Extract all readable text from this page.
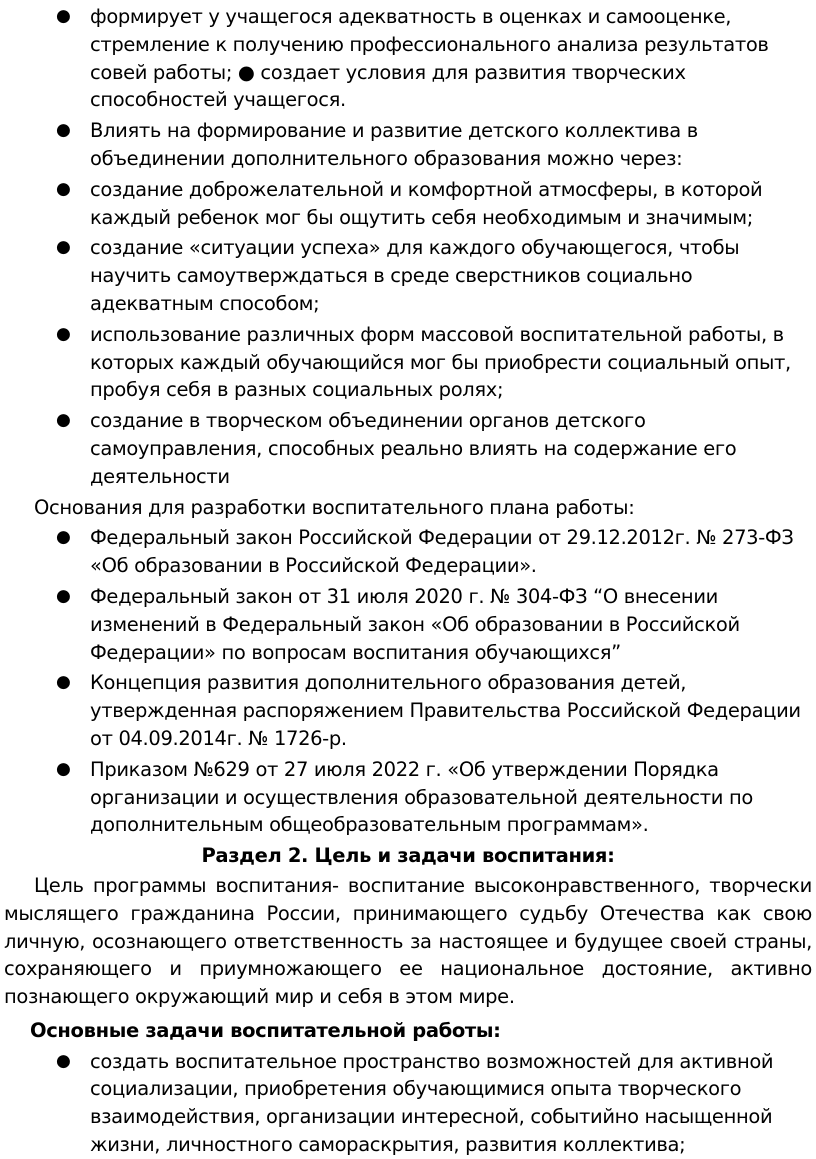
● формирует у учащегося адекватность в оценках и самооценке, стремление к получению профессионального анализа результатов совей работы; ● создает условия для развития творческих способностей учащегося.
● Влиять на формирование и развитие детского коллектива в объединении дополнительного образования можно через:
● создание доброжелательной и комфортной атмосферы, в которой каждый ребенок мог бы ощутить себя необходимым и значимым;
● создание «ситуации успеха» для каждого обучающегося, чтобы научить самоутверждаться в среде сверстников социально адекватным способом;
● использование различных форм массовой воспитательной работы, в которых каждый обучающийся мог бы приобрести социальный опыт, пробуя себя в разных социальных ролях;
● создание в творческом объединении органов детского самоуправления, способных реально влиять на содержание его деятельности

Основания для разработки воспитательного плана работы:

● Федеральный закон Российской Федерации от 29.12.2012г. № 273-ФЗ «Об образовании в Российской Федерации».
● Федеральный закон от 31 июля 2020 г. № 304-ФЗ “О внесении изменений в Федеральный закон «Об образовании в Российской Федерации» по вопросам воспитания обучающихся”
● Концепция развития дополнительного образования детей, утвержденная распоряжением Правительства Российской Федерации от 04.09.2014г. № 1726-р.
● Приказом №629 от 27 июля 2022 г. «Об утверждении Порядка организации и осуществления образовательной деятельности по дополнительным общеобразовательным программам».

Раздел 2. Цель и задачи воспитания:

Цель программы воспитания- воспитание высоконравственного, творчески мыслящего гражданина России, принимающего судьбу Отечества как свою личную, осознающего ответственность за настоящее и будущее своей страны, сохраняющего и приумножающего ее национальное достояние, активно познающего окружающий мир и себя в этом мире.

Основные задачи воспитательной работы:

● создать воспитательное пространство возможностей для активной социализации, приобретения обучающимися опыта творческого взаимодействия, организации интересной, событийно насыщенной жизни, личностного самораскрытия, развития коллектива;
